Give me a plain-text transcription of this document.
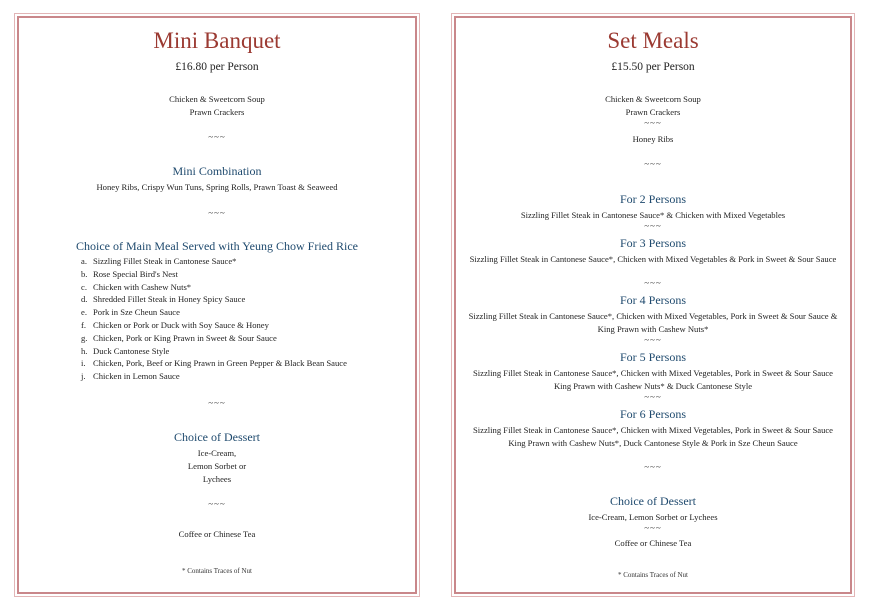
Mini Banquet
£16.80 per Person
Chicken & Sweetcorn Soup
Prawn Crackers
~~~
Mini Combination
Honey Ribs, Crispy Wun Tuns, Spring Rolls, Prawn Toast & Seaweed
~~~
Choice of Main Meal Served with Yeung Chow Fried Rice
a. Sizzling Fillet Steak in Cantonese Sauce*
b. Rose Special Bird's Nest
c. Chicken with Cashew Nuts*
d. Shredded Fillet Steak in Honey Spicy Sauce
e. Pork in Sze Cheun Sauce
f. Chicken or Pork or Duck with Soy Sauce & Honey
g. Chicken, Pork or King Prawn in Sweet & Sour Sauce
h. Duck Cantonese Style
i. Chicken, Pork, Beef or King Prawn in Green Pepper & Black Bean Sauce
j. Chicken in Lemon Sauce
~~~
Choice of Dessert
Ice-Cream,
Lemon Sorbet or
Lychees
~~~
Coffee or Chinese Tea
* Contains Traces of Nut
Set Meals
£15.50 per Person
Chicken & Sweetcorn Soup
Prawn Crackers
~~~
Honey Ribs
~~~
For 2 Persons
Sizzling Fillet Steak in Cantonese Sauce* & Chicken with Mixed Vegetables
~~~
For 3 Persons
Sizzling Fillet Steak in Cantonese Sauce*, Chicken with Mixed Vegetables & Pork in Sweet & Sour Sauce
~~~
For 4 Persons
Sizzling Fillet Steak in Cantonese Sauce*, Chicken with Mixed Vegetables, Pork in Sweet & Sour Sauce & King Prawn with Cashew Nuts*
~~~
For 5 Persons
Sizzling Fillet Steak in Cantonese Sauce*, Chicken with Mixed Vegetables, Pork in Sweet & Sour Sauce King Prawn with Cashew Nuts* & Duck Cantonese Style
~~~
For 6 Persons
Sizzling Fillet Steak in Cantonese Sauce*, Chicken with Mixed Vegetables, Pork in Sweet & Sour Sauce King Prawn with Cashew Nuts*, Duck Cantonese Style & Pork in Sze Cheun Sauce
~~~
Choice of Dessert
Ice-Cream, Lemon Sorbet or Lychees
~~~
Coffee or Chinese Tea
* Contains Traces of Nut
